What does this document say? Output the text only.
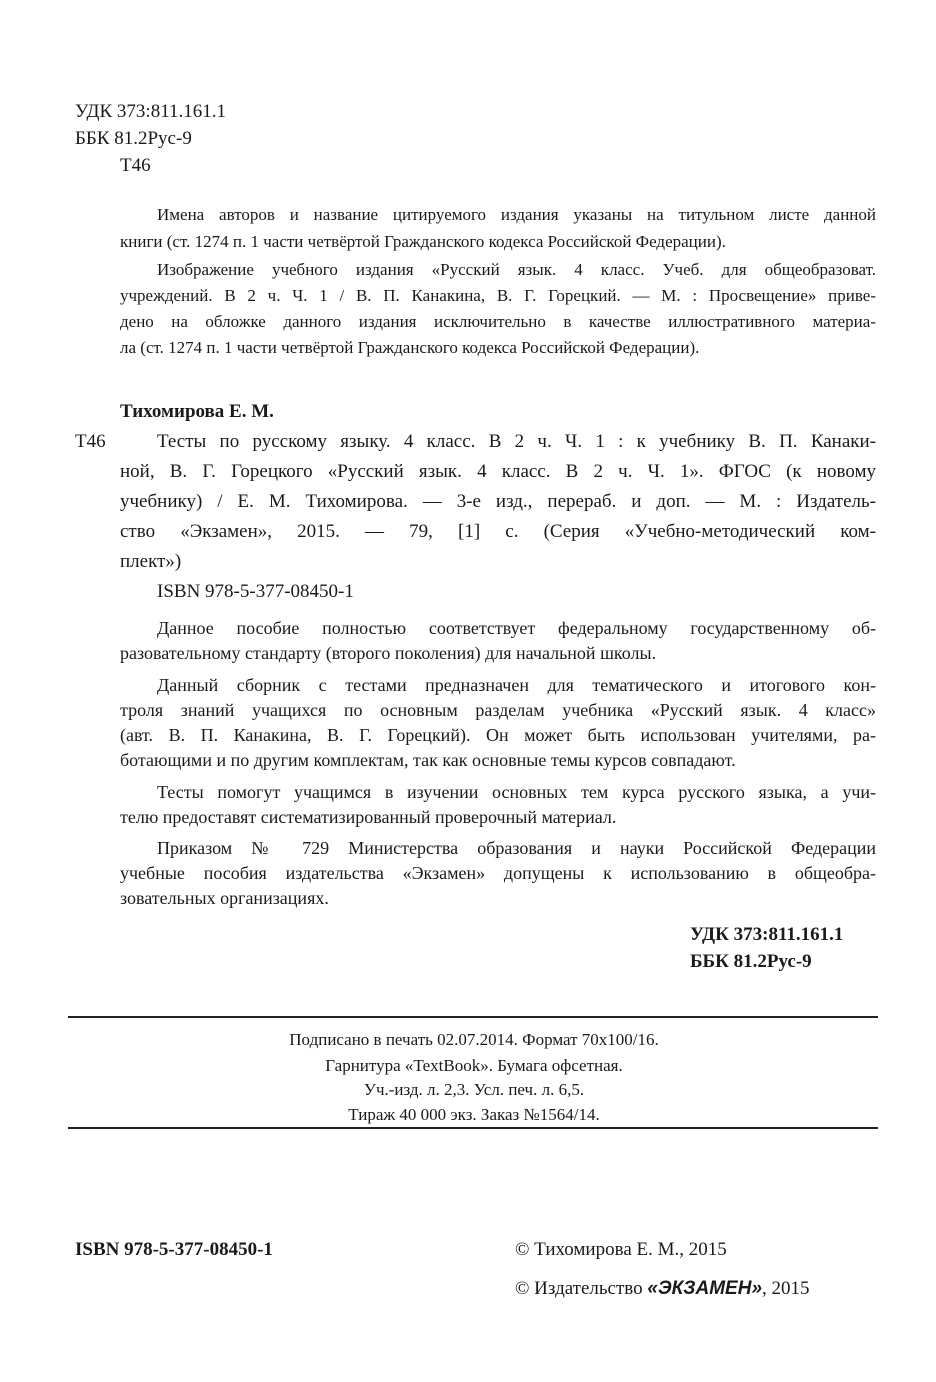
© Издательство «ЭКЗАМЕН», 2015
УДК 373:811.161.1
ББК 81.2Рус-9
Т46
Имена авторов и название цитируемого издания указаны на титульном листе данной
книги (ст. 1274 п. 1 части четвёртой Гражданского кодекса Российской Федерации).
Изображение учебного издания «Русский язык. 4 класс. Учеб. для общеобразоват.
учреждений. В 2 ч. Ч. 1 / В. П. Канакина, В. Г. Горецкий. — М. : Просвещение» приве-
дено на обложке данного издания исключительно в качестве иллюстративного материа-
ла (ст. 1274 п. 1 части четвёртой Гражданского кодекса Российской Федерации).
Тихомирова Е. М.
Т46	Тесты по русскому языку. 4 класс. В 2 ч. Ч. 1 : к учебнику В. П. Канаки-
ной, В. Г. Горецкого «Русский язык. 4 класс. В 2 ч. Ч. 1». ФГОС (к новому
учебнику) / Е. М. Тихомирова. — 3-е изд., перераб. и доп. — М. : Издатель-
ство «Экзамен», 2015. — 79, [1] с. (Серия «Учебно-методический ком-
плект»)
ISBN 978-5-377-08450-1
Данное пособие полностью соответствует федеральному государственному об-
разовательному стандарту (второго поколения) для начальной школы.
Данный сборник с тестами предназначен для тематического и итогового кон-
троля знаний учащихся по основным разделам учебника «Русский язык. 4 класс»
(авт. В. П. Канакина, В. Г. Горецкий). Он может быть использован учителями, ра-
ботающими и по другим комплектам, так как основные темы курсов совпадают.
Тесты помогут учащимся в изучении основных тем курса русского языка, а учи-
телю предоставят систематизированный проверочный материал.
Приказом № 729 Министерства образования и науки Российской Федерации
учебные пособия издательства «Экзамен» допущены к использованию в общеобра-
зовательных организациях.
УДК 373:811.161.1
ББК 81.2Рус-9
ISBN 978-5-377-08450-1	© Тихомирова Е. М., 2015
Подписано в печать 02.07.2014. Формат 70x100/16.
Гарнитура «TextBook». Бумага офсетная.
Уч.-изд. л. 2,3. Усл. печ. л. 6,5.
Тираж 40 000 экз. Заказ №1564/14.
